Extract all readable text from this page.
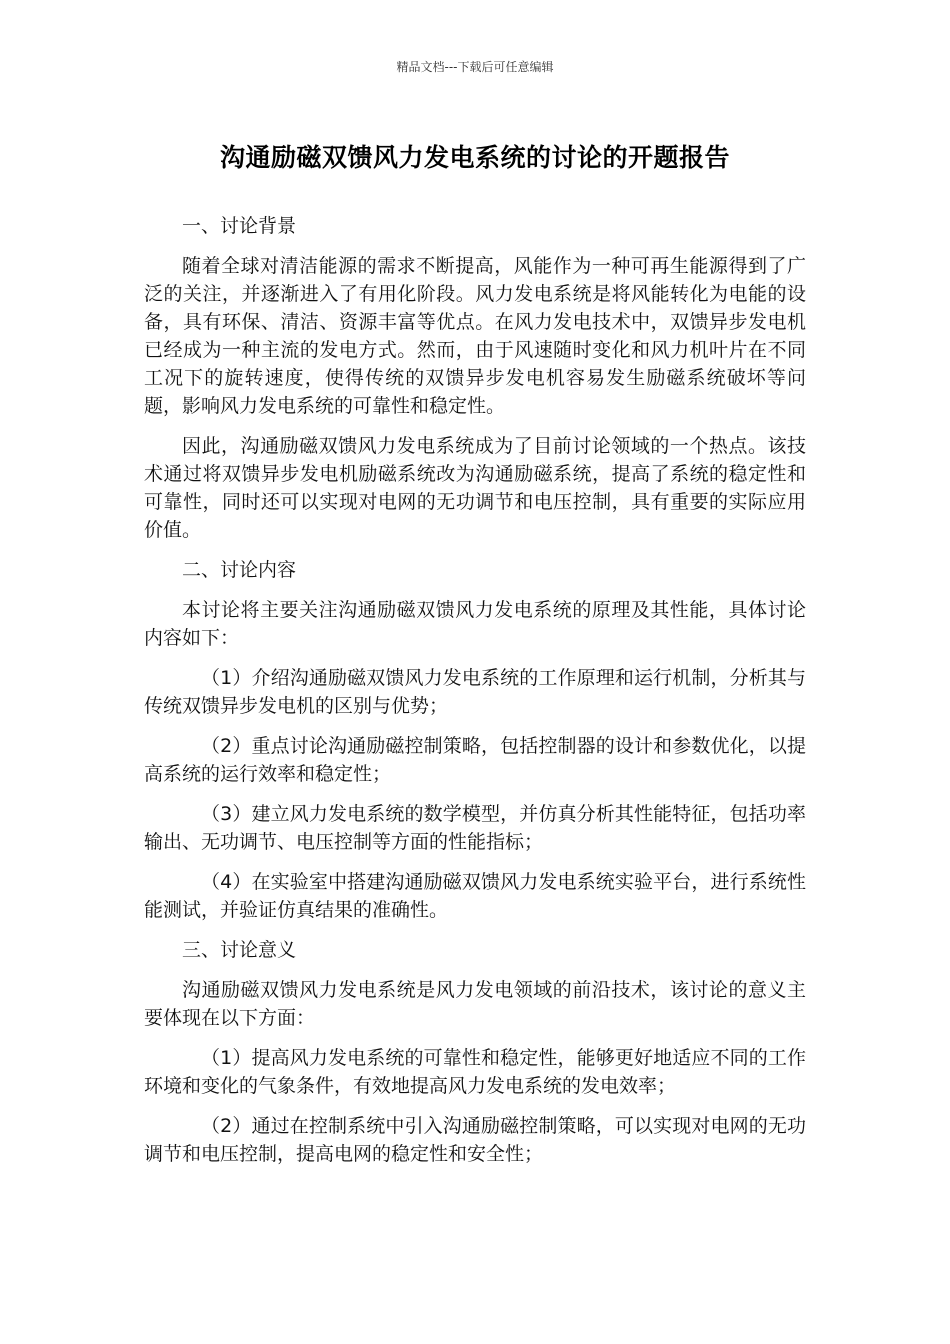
精品文档---下载后可任意编辑
沟通励磁双馈风力发电系统的讨论的开题报告

一、讨论背景

随着全球对清洁能源的需求不断提高，风能作为一种可再生能源得到了广泛的关注，并逐渐进入了有用化阶段。风力发电系统是将风能转化为电能的设备，具有环保、清洁、资源丰富等优点。在风力发电技术中，双馈异步发电机已经成为一种主流的发电方式。然而，由于风速随时变化和风力机叶片在不同工况下的旋转速度，使得传统的双馈异步发电机容易发生励磁系统破坏等问题，影响风力发电系统的可靠性和稳定性。

因此，沟通励磁双馈风力发电系统成为了目前讨论领域的一个热点。该技术通过将双馈异步发电机励磁系统改为沟通励磁系统，提高了系统的稳定性和可靠性，同时还可以实现对电网的无功调节和电压控制，具有重要的实际应用价值。

二、讨论内容

本讨论将主要关注沟通励磁双馈风力发电系统的原理及其性能，具体讨论内容如下：

（1）介绍沟通励磁双馈风力发电系统的工作原理和运行机制，分析其与传统双馈异步发电机的区别与优势；

（2）重点讨论沟通励磁控制策略，包括控制器的设计和参数优化，以提高系统的运行效率和稳定性；

（3）建立风力发电系统的数学模型，并仿真分析其性能特征，包括功率输出、无功调节、电压控制等方面的性能指标；

（4）在实验室中搭建沟通励磁双馈风力发电系统实验平台，进行系统性能测试，并验证仿真结果的准确性。

三、讨论意义

沟通励磁双馈风力发电系统是风力发电领域的前沿技术，该讨论的意义主要体现在以下方面：

（1）提高风力发电系统的可靠性和稳定性，能够更好地适应不同的工作环境和变化的气象条件，有效地提高风力发电系统的发电效率；

（2）通过在控制系统中引入沟通励磁控制策略，可以实现对电网的无功调节和电压控制，提高电网的稳定性和安全性；
